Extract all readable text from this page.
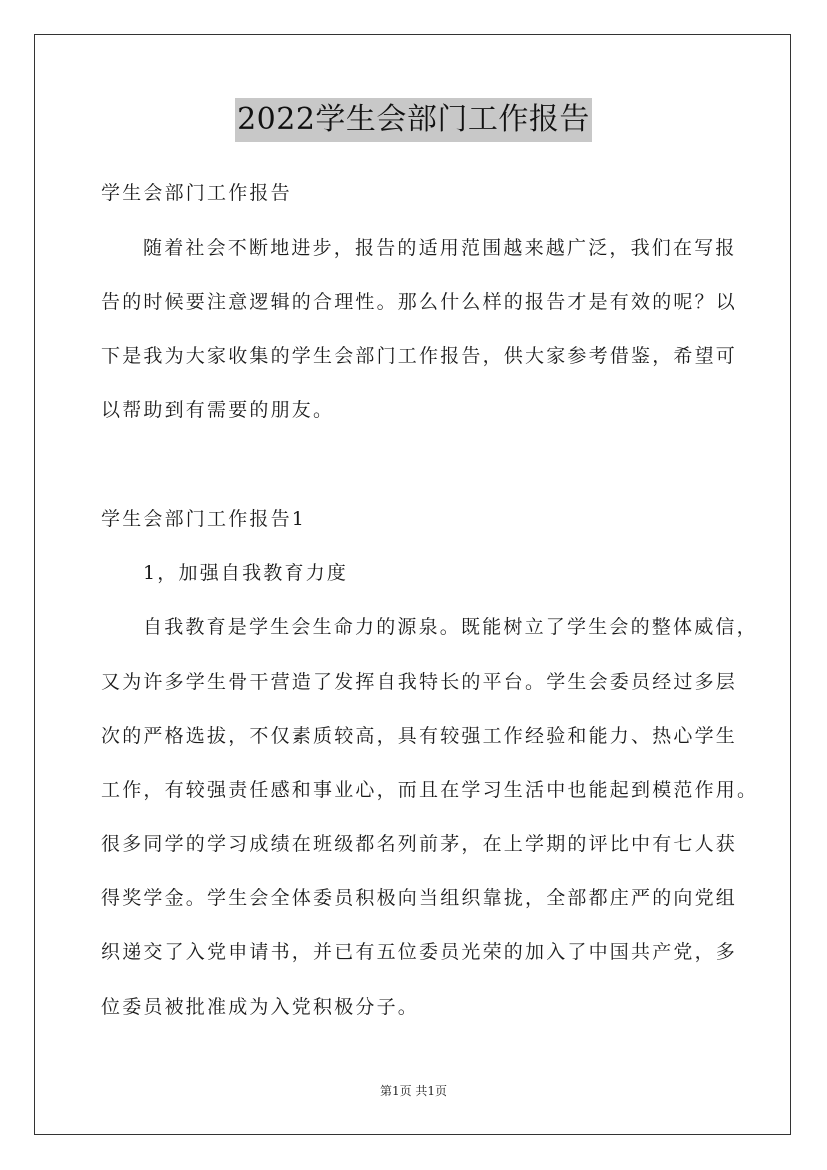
2022学生会部门工作报告
学生会部门工作报告
随着社会不断地进步，报告的适用范围越来越广泛，我们在写报
告的时候要注意逻辑的合理性。那么什么样的报告才是有效的呢？以
下是我为大家收集的学生会部门工作报告，供大家参考借鉴，希望可
以帮助到有需要的朋友。
学生会部门工作报告1
1，加强自我教育力度
自我教育是学生会生命力的源泉。既能树立了学生会的整体威信，
又为许多学生骨干营造了发挥自我特长的平台。学生会委员经过多层
次的严格选拔，不仅素质较高，具有较强工作经验和能力、热心学生
工作，有较强责任感和事业心，而且在学习生活中也能起到模范作用。
很多同学的学习成绩在班级都名列前茅，在上学期的评比中有七人获
得奖学金。学生会全体委员积极向当组织靠拢，全部都庄严的向党组
织递交了入党申请书，并已有五位委员光荣的加入了中国共产党，多
位委员被批准成为入党积极分子。
第1页 共1页
